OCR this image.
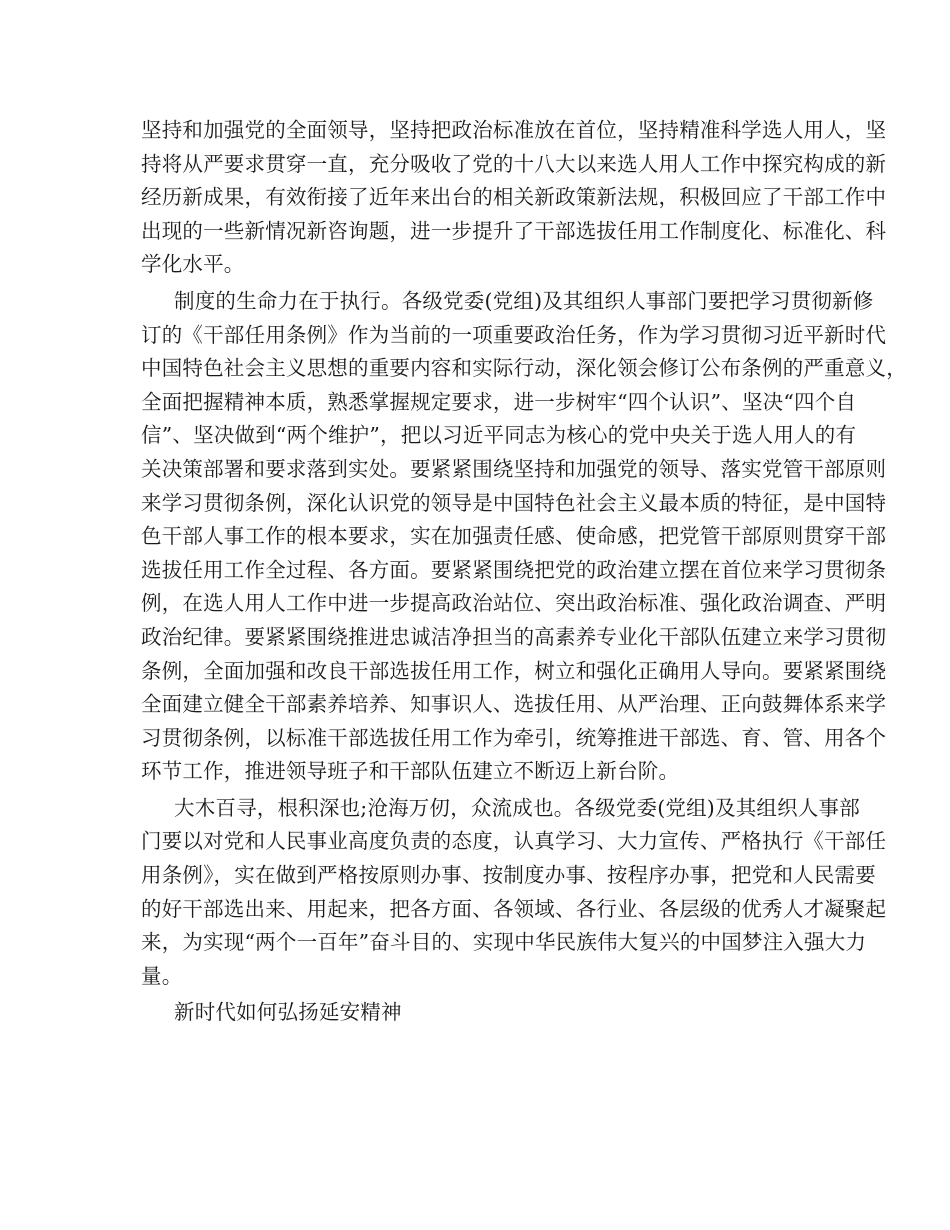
坚持和加强党的全面领导，坚持把政治标准放在首位，坚持精准科学选人用人，坚
持将从严要求贯穿一直，充分吸收了党的十八大以来选人用人工作中探究构成的新
经历新成果，有效衔接了近年来出台的相关新政策新法规，积极回应了干部工作中
出现的一些新情况新咨询题，进一步提升了干部选拔任用工作制度化、标准化、科
学化水平。
制度的生命力在于执行。各级党委(党组)及其组织人事部门要把学习贯彻新修
订的《干部任用条例》作为当前的一项重要政治任务，作为学习贯彻习近平新时代
中国特色社会主义思想的重要内容和实际行动，深化领会修订公布条例的严重意义，
全面把握精神本质，熟悉掌握规定要求，进一步树牢“四个认识”、坚决“四个自
信”、坚决做到“两个维护”，把以习近平同志为核心的党中央关于选人用人的有
关决策部署和要求落到实处。要紧紧围绕坚持和加强党的领导、落实党管干部原则
来学习贯彻条例，深化认识党的领导是中国特色社会主义最本质的特征，是中国特
色干部人事工作的根本要求，实在加强责任感、使命感，把党管干部原则贯穿干部
选拔任用工作全过程、各方面。要紧紧围绕把党的政治建立摆在首位来学习贯彻条
例，在选人用人工作中进一步提高政治站位、突出政治标准、强化政治调查、严明
政治纪律。要紧紧围绕推进忠诚洁净担当的高素养专业化干部队伍建立来学习贯彻
条例，全面加强和改良干部选拔任用工作，树立和强化正确用人导向。要紧紧围绕
全面建立健全干部素养培养、知事识人、选拔任用、从严治理、正向鼓舞体系来学
习贯彻条例，以标准干部选拔任用工作为牵引，统筹推进干部选、育、管、用各个
环节工作，推进领导班子和干部队伍建立不断迈上新台阶。
大木百寻，根积深也;沧海万仞，众流成也。各级党委(党组)及其组织人事部
门要以对党和人民事业高度负责的态度，认真学习、大力宣传、严格执行《干部任
用条例》，实在做到严格按原则办事、按制度办事、按程序办事，把党和人民需要
的好干部选出来、用起来，把各方面、各领域、各行业、各层级的优秀人才凝聚起
来，为实现“两个一百年”奋斗目的、实现中华民族伟大复兴的中国梦注入强大力
量。
新时代如何弘扬延安精神
